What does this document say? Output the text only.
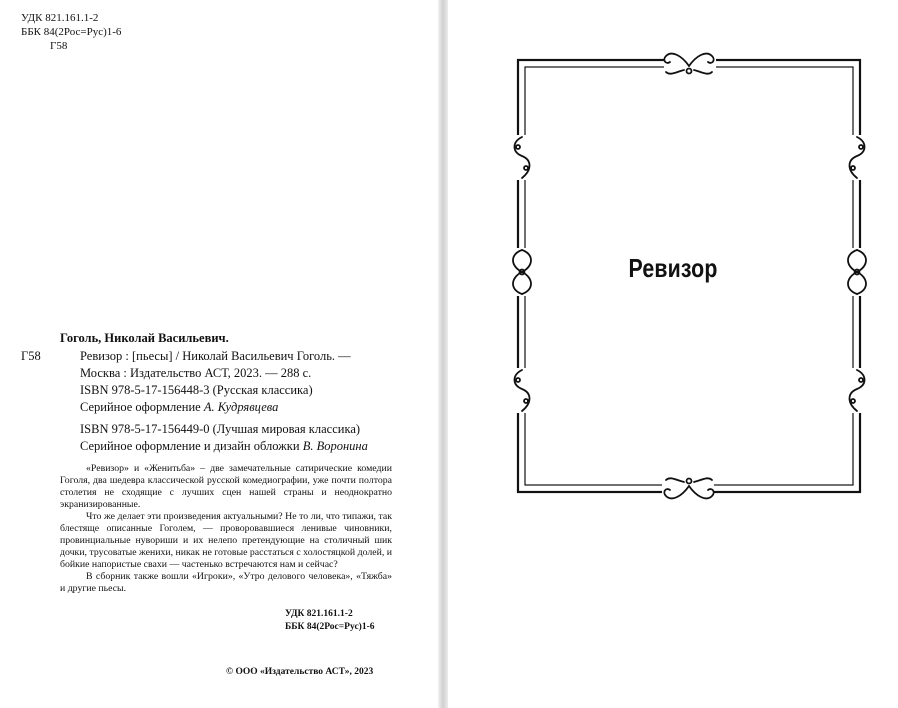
УДК 821.161.1-2
ББК 84(2Рос=Рус)1-6
Г58
Гоголь, Николай Васильевич.
Г58	Ревизор : [пьесы] / Николай Васильевич Гоголь. —
Москва : Издательство АСТ, 2023. — 288 с.
ISBN 978-5-17-156448-3 (Русская классика)
Серийное оформление А. Кудрявцева
ISBN 978-5-17-156449-0 (Лучшая мировая классика)
Серийное оформление и дизайн обложки В. Воронина

«Ревизор» и «Женитьба» – две замечательные сатирические комедии Гоголя, два шедевра классической русской комедиографии, уже почти полтора столетия не сходящие с лучших сцен нашей страны и неоднократно экранизированные.

Что же делает эти произведения актуальными? Не то ли, что типажи, так блестяще описанные Гоголем, — проворовавшиеся ленивые чиновники, провинциальные нувориши и их нелепо претендующие на столичный шик дочки, трусоватые женихи, никак не готовые расстаться с холостяцкой долей, и бойкие напористые свахи — частенько встречаются нам и сейчас?

В сборник также вошли «Игроки», «Утро делового человека», «Тяжба» и другие пьесы.

УДК 821.161.1-2
ББК 84(2Рос=Рус)1-6
© ООО «Издательство АСТ», 2023
Ревизор
